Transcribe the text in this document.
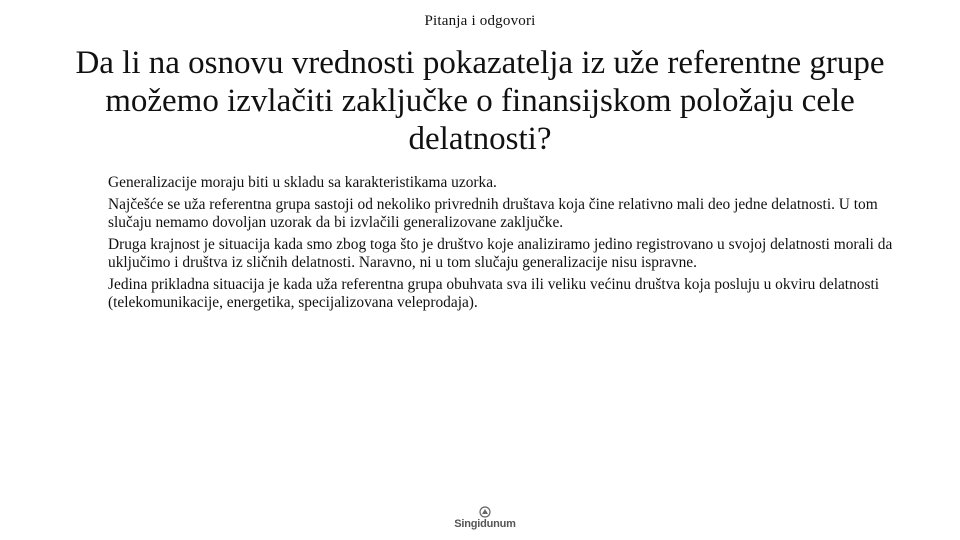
Pitanja i odgovori
Da li na osnovu vrednosti pokazatelja iz uže referentne grupe možemo izvlačiti zaključke o finansijskom položaju cele delatnosti?
Generalizacije moraju biti u skladu sa karakteristikama uzorka.
Najčešće se uža referentna grupa sastoji od nekoliko privrednih društava koja čine relativno mali deo jedne delatnosti. U tom slučaju nemamo dovoljan uzorak da bi izvlačili generalizovane zaključke.
Druga krajnost je situacija kada smo zbog toga što je društvo koje analiziramo jedino registrovano u svojoj delatnosti morali da uključimo i društva iz sličnih delatnosti. Naravno, ni u tom slučaju generalizacije nisu ispravne.
Jedina prikladna situacija je kada uža referentna grupa obuhvata sva ili veliku većinu društva koja posluju u okviru delatnosti (telekomunikacije, energetika, specijalizovana veleprodaja).
Singidunum
